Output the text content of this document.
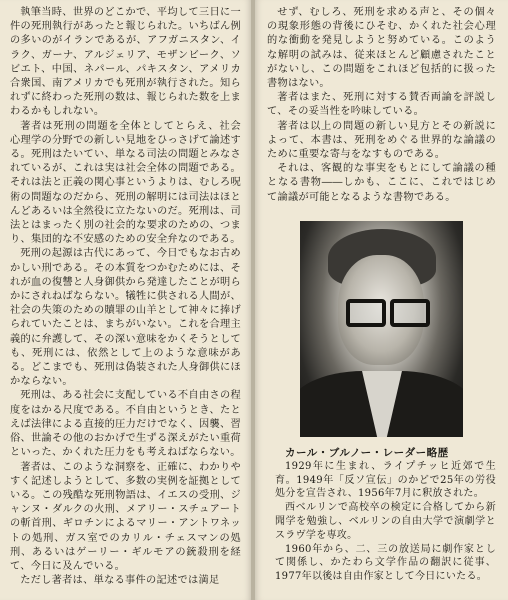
執筆当時、世界のどこかで、平均して三日に一件の死刑執行があったと報じられた。いちばん例の多いのがイランであるが、アフガニスタン、イラク、ガーナ、アルジェリア、モザンビーク、ソビエト、中国、ネパール、パキスタン、アメリカ合衆国、南アメリカでも死刑が執行された。知られずに終わった死刑の数は、報じられた数を上まわるかもしれない。

著者は死刑の問題を全体としてとらえ、社会心理学の分野での新しい見地をひっさげて論述する。死刑はたいてい、単なる司法の問題とみなされているが、これは実は社会全体の問題である。それは法と正義の関心事というよりは、むしろ呪術の問題なのだから、死刑の解明には司法はほとんどあるいは全然役に立たないのだ。死刑は、司法とはまったく別の社会的な要求のための、つまり、集団的な不安感のための安全弁なのである。

死刑の起源は古代にあって、今日でもなお古めかしい刑である。その本質をつかむためには、それが血の復讐と人身御供から発達したことが明らかにされねばならない。犠牲に供される人間が、社会の失策のための贖罪の山羊として神々に捧げられていたことは、まちがいない。これを合理主義的に弁護して、その深い意味をかくそうとしても、死刑には、依然として上のような意味がある。どこまでも、死刑は偽装された人身御供にほかならない。

死刑は、ある社会に支配している不自由さの程度をはかる尺度である。不自由というとき、たとえば法律による直接的圧力だけでなく、因襲、習俗、世論その他のおかげで生ずる深えがたい重荷といった、かくれた圧力をも考えねばならない。

著者は、このような洞察を、正確に、わかりやすく記述しようとして、多数の実例を証拠としている。この残酷な死刑物語は、イエスの受刑、ジャンヌ・ダルクの火刑、メアリー・スチュアートの斬首刑、ギロチンによるマリー・アントワネットの処刑、ガス室でのカリル・チェスマンの処刑、あるいはゲーリー・ギルモアの銃殺刑を経て、今日に及んでいる。

ただし著者は、単なる事件の記述では満足

せず、むしろ、死刑を求める声と、その個々の現象形態の背後にひそむ、かくれた社会心理的な衝動を発見しようと努めている。このような解明の試みは、従来ほとんど顧慮されたことがないし、この問題をこれほど包括的に扱った書物はない。

著者はまた、死刑に対する賛否両論を評説して、その妥当性を吟味している。

著者は以上の問題の新しい見方とその新説によって、本書は、死刑をめぐる世界的な論議のために重要な寄与をなすものである。

それは、客観的な事実をもとにして論議の種となる書物――しかも、ここに、これではじめて論議が可能となるような書物である。

カール・ブルノー・レーダー略歴

1929年に生まれ、ライプチッヒ近郊で生育。1949年「反ソ宣伝」のかどで25年の労役処分を宣告され、1956年7月に釈放された。

西ベルリンで高校卒の検定に合格してから新聞学を勉強し、ベルリンの自由大学で演劇学とスラヴ学を専攻。

1960年から、二、三の放送局に劇作家として関係し、かたわら文学作品の翻訳に従事、1977年以後は自由作家として今日にいたる。
